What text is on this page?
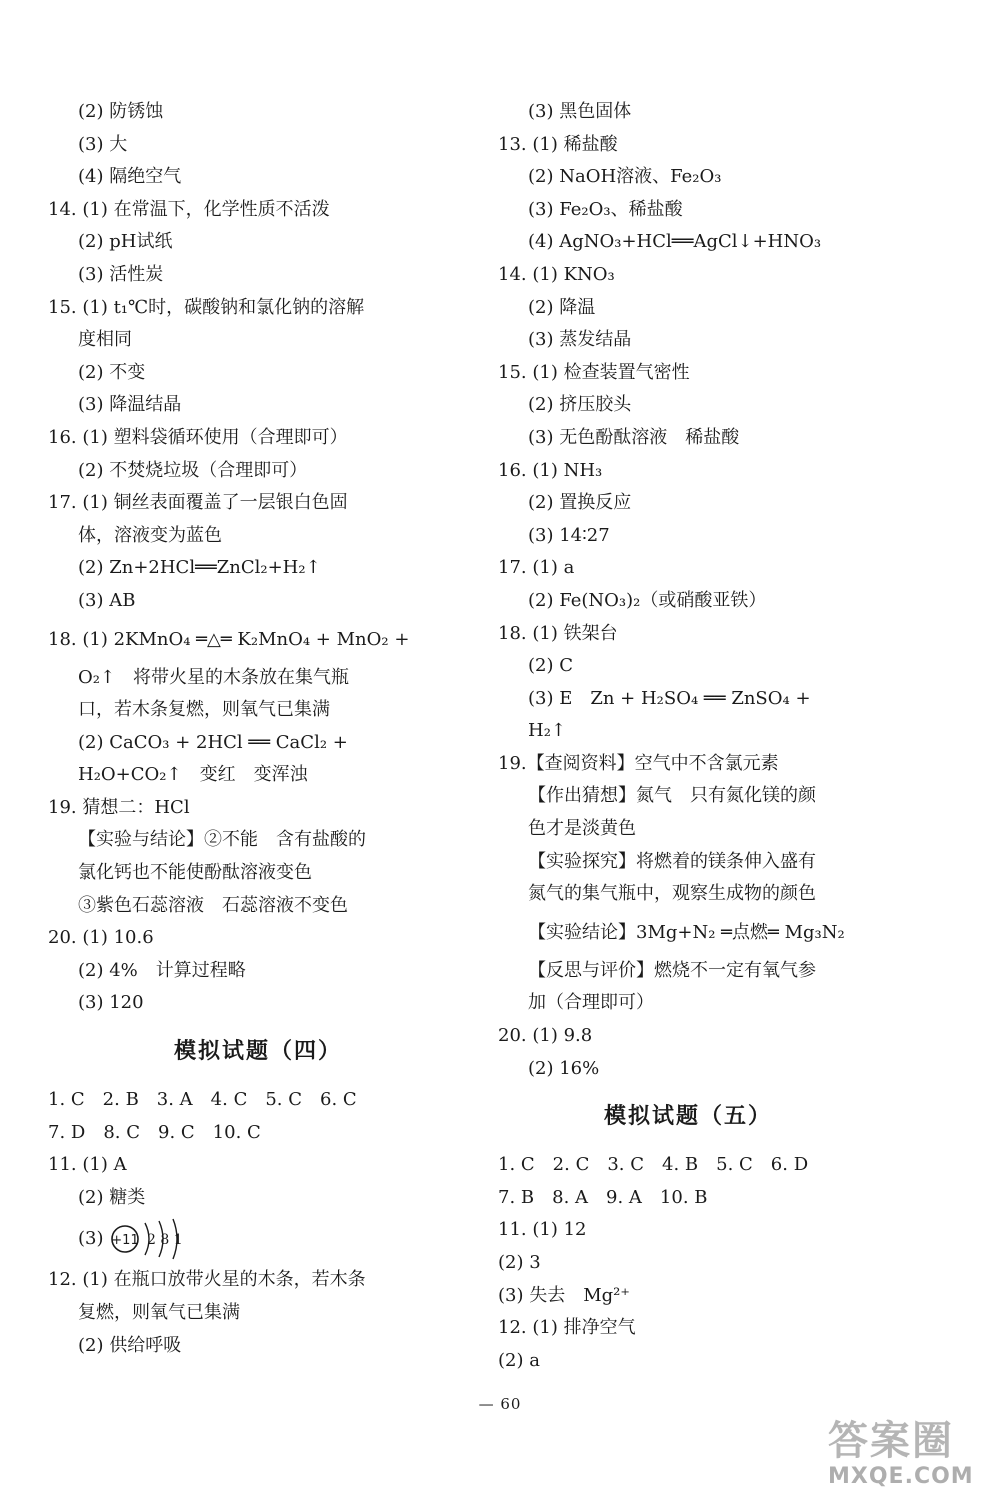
(2) 防锈蚀
(3) 大
(4) 隔绝空气
14. (1) 在常温下，化学性质不活泼
(2) pH试纸
(3) 活性炭
15. (1) t₁℃时，碳酸钠和氯化钠的溶解
度相同
(2) 不变
(3) 降温结晶
16. (1) 塑料袋循环使用（合理即可）
(2) 不焚烧垃圾（合理即可）
17. (1) 铜丝表面覆盖了一层银白色固
体，溶液变为蓝色
(2) Zn+2HCl══ZnCl₂+H₂↑
(3) AB
18. (1) 2KMnO₄ ═△═ K₂MnO₄ + MnO₂ +
O₂↑　将带火星的木条放在集气瓶
口，若木条复燃，则氧气已集满
(2) CaCO₃ + 2HCl ══ CaCl₂ +
H₂O+CO₂↑　变红　变浑浊
19. 猜想二：HCl
【实验与结论】②不能　含有盐酸的
氯化钙也不能使酚酞溶液变色
③紫色石蕊溶液　石蕊溶液不变色
20. (1) 10.6
(2) 4%　计算过程略
(3) 120
模拟试题（四）
1. C　2. B　3. A　4. C　5. C　6. C
7. D　8. C　9. C　10. C
11. (1) A
(2) 糖类
(3) +11 2 8 1
12. (1) 在瓶口放带火星的木条，若木条
复燃，则氧气已集满
(2) 供给呼吸
(3) 黑色固体
13. (1) 稀盐酸
(2) NaOH溶液、Fe₂O₃
(3) Fe₂O₃、稀盐酸
(4) AgNO₃+HCl══AgCl↓+HNO₃
14. (1) KNO₃
(2) 降温
(3) 蒸发结晶
15. (1) 检查装置气密性
(2) 挤压胶头
(3) 无色酚酞溶液　稀盐酸
16. (1) NH₃
(2) 置换反应
(3) 14∶27
17. (1) a
(2) Fe(NO₃)₂（或硝酸亚铁）
18. (1) 铁架台
(2) C
(3) E　Zn + H₂SO₄ ══ ZnSO₄ +
H₂↑
19.【查阅资料】空气中不含氯元素
【作出猜想】氮气　只有氮化镁的颜
色才是淡黄色
【实验探究】将燃着的镁条伸入盛有
氮气的集气瓶中，观察生成物的颜色
【实验结论】3Mg+N₂ ═点燃═ Mg₃N₂
【反思与评价】燃烧不一定有氧气参
加（合理即可）
20. (1) 9.8
(2) 16%
模拟试题（五）
1. C　2. C　3. C　4. B　5. C　6. D
7. B　8. A　9. A　10. B
11. (1) 12
(2) 3
(3) 失去　Mg²⁺
12. (1) 排净空气
(2) a
— 60
答案圈
MXQE.COM
